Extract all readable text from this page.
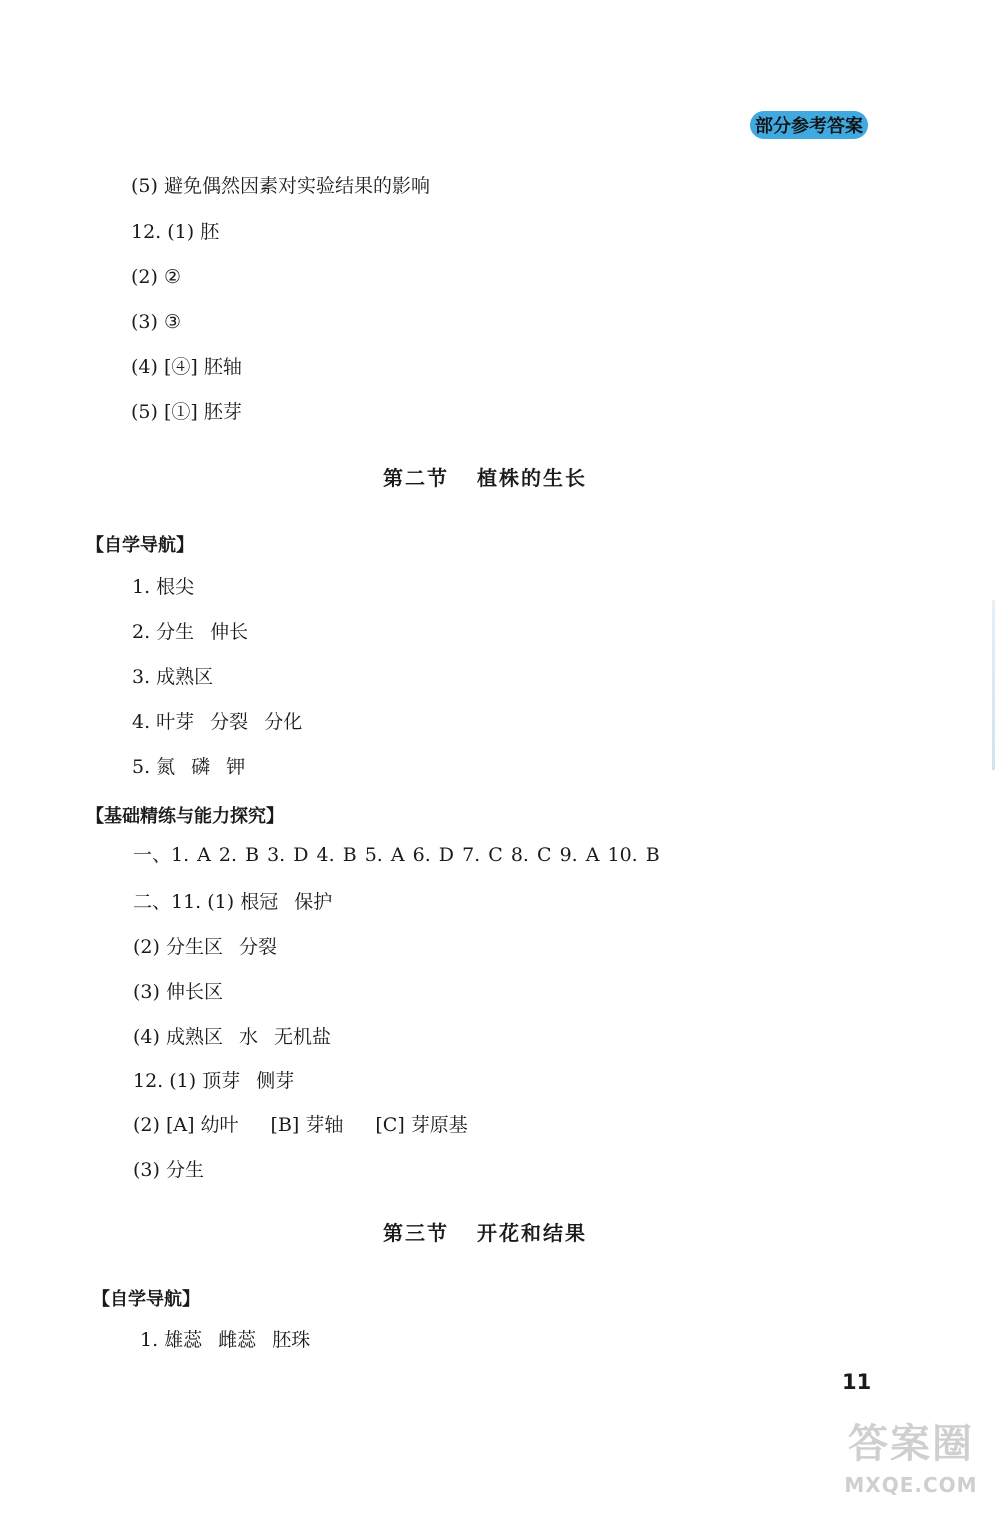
部分参考答案
(5) 避免偶然因素对实验结果的影响
12. (1) 胚
(2) ②
(3) ③
(4) [④] 胚轴
(5) [①] 胚芽
第二节 植株的生长
【自学导航】
1. 根尖
2. 分生 伸长
3. 成熟区
4. 叶芽 分裂 分化
5. 氮 磷 钾
【基础精练与能力探究】
一、1. A 2. B 3. D 4. B 5. A 6. D 7. C 8. C 9. A 10. B
二、11. (1) 根冠 保护
(2) 分生区 分裂
(3) 伸长区
(4) 成熟区 水 无机盐
12. (1) 顶芽 侧芽
(2) [A] 幼叶 [B] 芽轴 [C] 芽原基
(3) 分生
第三节 开花和结果
【自学导航】
1. 雄蕊 雌蕊 胚珠
11
答案圈
MXQE.COM
